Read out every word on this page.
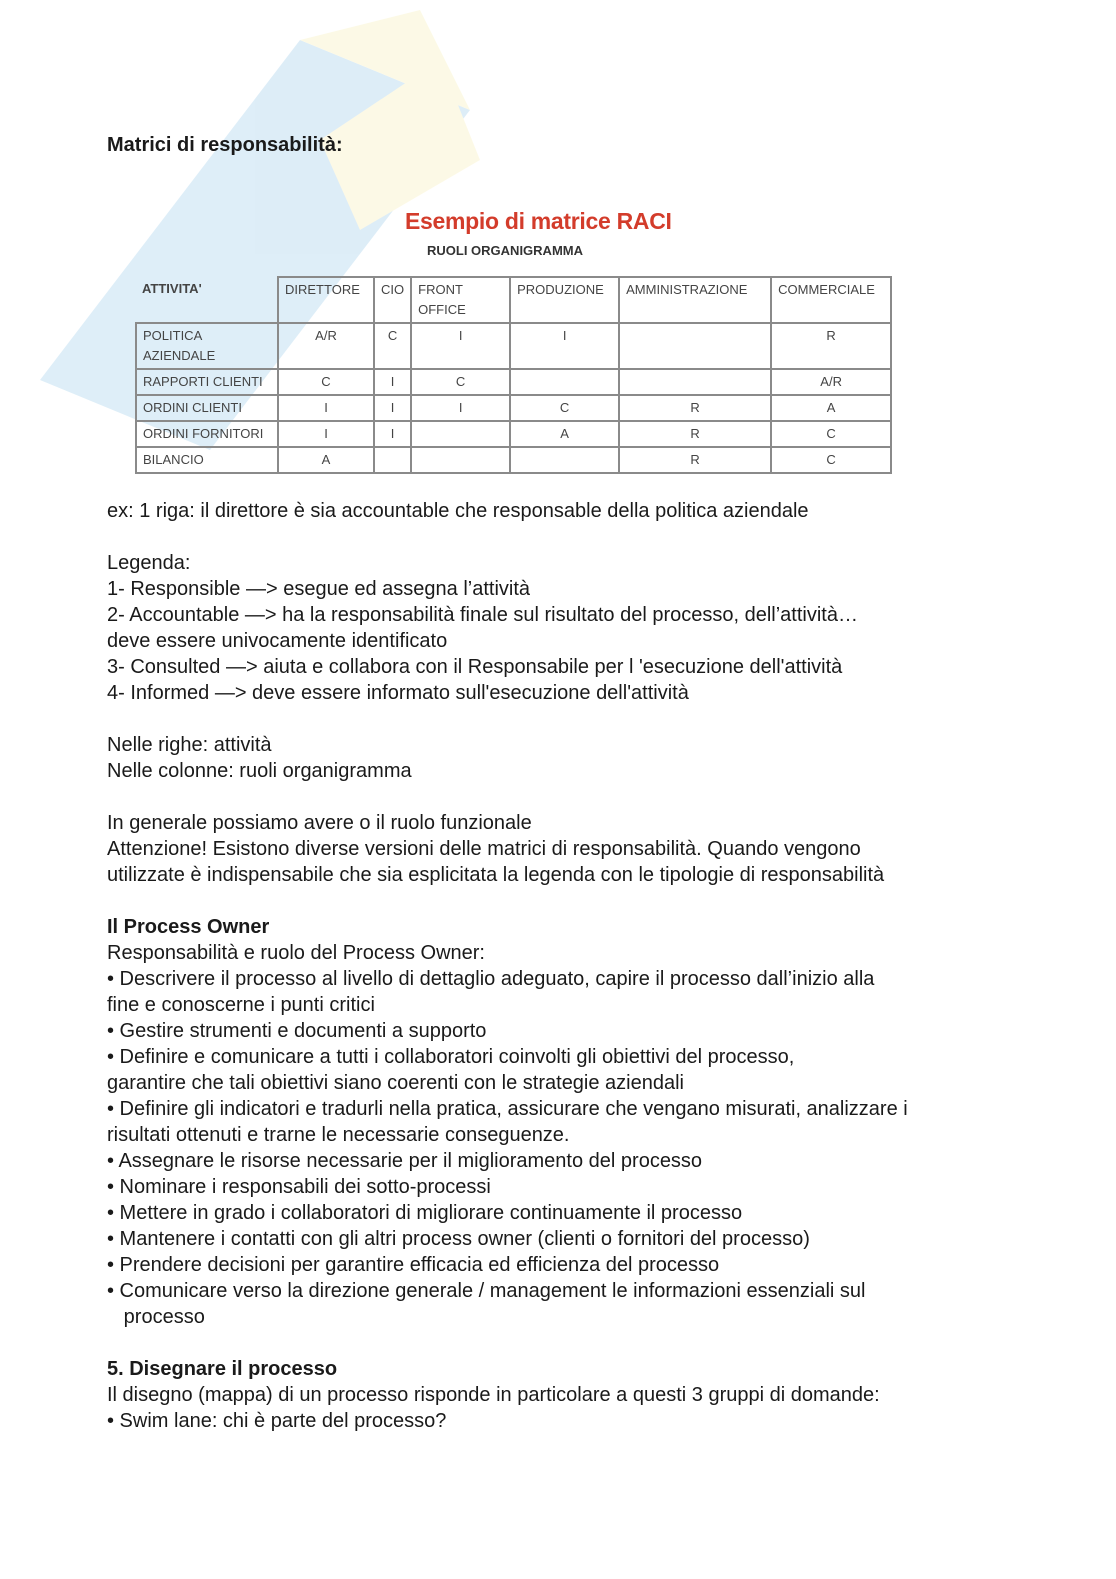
Matrici di responsabilità:

Esempio di matrice RACI
RUOLI ORGANIGRAMMA
ATTIVITA'	DIRETTORE	CIO	FRONT OFFICE	PRODUZIONE	AMMINISTRAZIONE	COMMERCIALE
POLITICA AZIENDALE	A/R	C	I	I		R
RAPPORTI CLIENTI	C	I	C			A/R
ORDINI CLIENTI	I	I	I	C	R	A
ORDINI FORNITORI	I	I		A	R	C
BILANCIO	A				R	C

ex: 1 riga: il direttore è sia accountable che responsable della politica aziendale

Legenda:

1- Responsible —> esegue ed assegna l’attività

2- Accountable —> ha la responsabilità finale sul risultato del processo, dell’attività…

deve essere univocamente identificato

3- Consulted —> aiuta e collabora con il Responsabile per l 'esecuzione dell'attività

4- Informed —> deve essere informato sull'esecuzione dell'attività

Nelle righe: attività

Nelle colonne: ruoli organigramma

In generale possiamo avere o il ruolo funzionale

Attenzione! Esistono diverse versioni delle matrici di responsabilità. Quando vengono

utilizzate è indispensabile che sia esplicitata la legenda con le tipologie di responsabilità

Il Process Owner

Responsabilità e ruolo del Process Owner:

• Descrivere il processo al livello di dettaglio adeguato, capire il processo dall’inizio alla

fine e conoscerne i punti critici

• Gestire strumenti e documenti a supporto

• Definire e comunicare a tutti i collaboratori coinvolti gli obiettivi del processo,

garantire che tali obiettivi siano coerenti con le strategie aziendali

• Definire gli indicatori e tradurli nella pratica, assicurare che vengano misurati, analizzare i

risultati ottenuti e trarne le necessarie conseguenze.

• Assegnare le risorse necessarie per il miglioramento del processo

• Nominare i responsabili dei sotto-processi

• Mettere in grado i collaboratori di migliorare continuamente il processo

• Mantenere i contatti con gli altri process owner (clienti o fornitori del processo)

• Prendere decisioni per garantire efficacia ed efficienza del processo

• Comunicare verso la direzione generale / management le informazioni essenziali sul

processo

5. Disegnare il processo

Il disegno (mappa) di un processo risponde in particolare a questi 3 gruppi di domande:

• Swim lane: chi è parte del processo?
